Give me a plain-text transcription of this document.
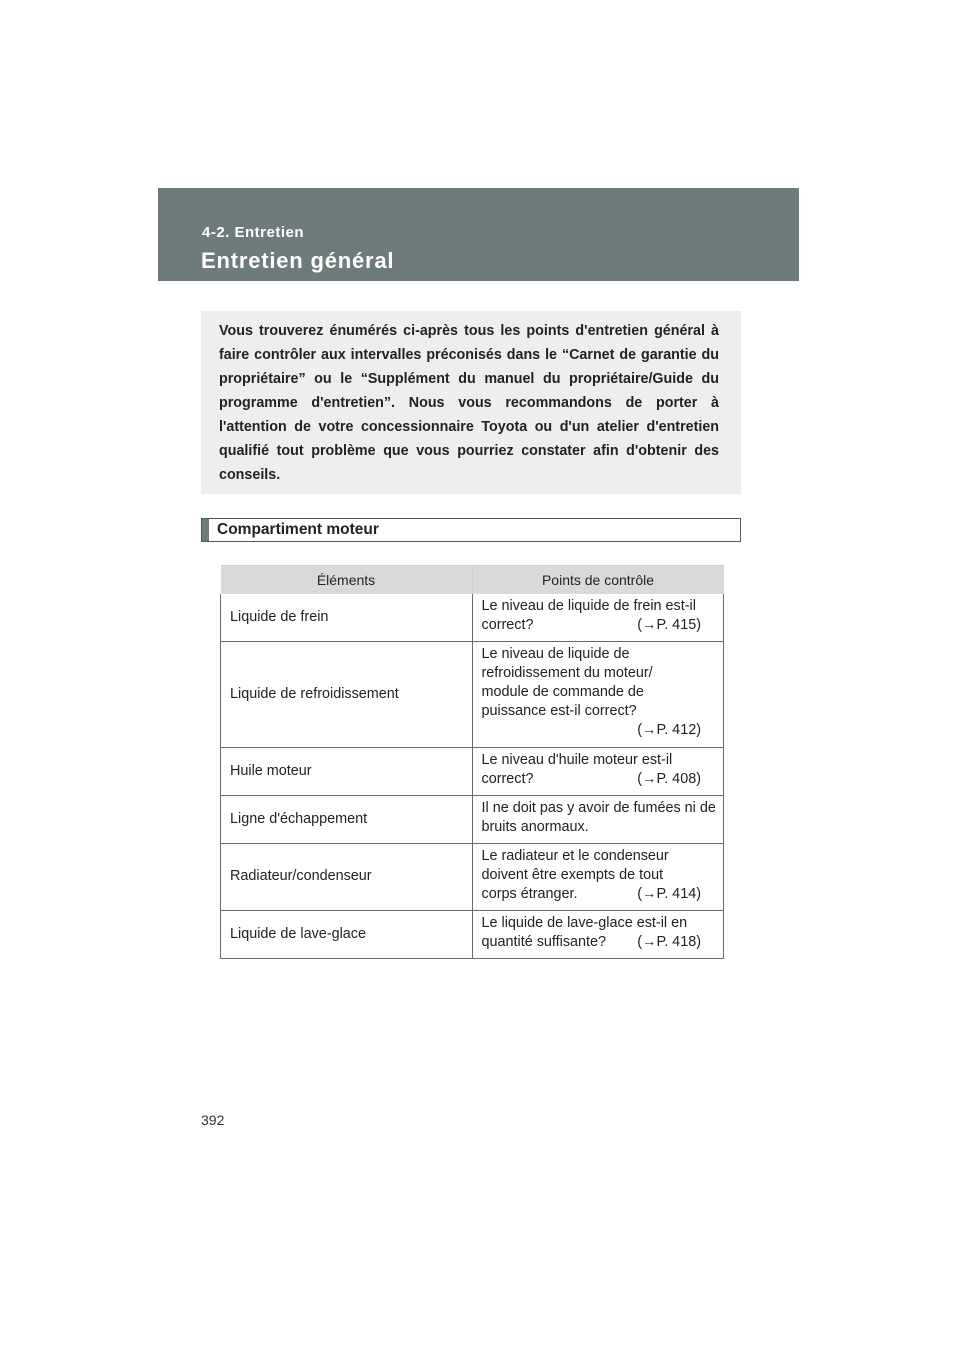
4-2. Entretien
Entretien général

Vous trouverez énumérés ci-après tous les points d'entretien général à faire contrôler aux intervalles préconisés dans le “Carnet de garantie du propriétaire” ou le “Supplément du manuel du propriétaire/Guide du programme d'entretien”. Nous vous recommandons de porter à l'attention de votre concessionnaire Toyota ou d'un atelier d'entretien qualifié tout problème que vous pourriez constater afin d'obtenir des conseils.

Compartiment moteur
Éléments	Points de contrôle
Liquide de frein	Le niveau de liquide de frein est-il
correct? (→P. 415)

Liquide de refroidissement	Le niveau de liquide de refroidissement du moteur/ module de commande de puissance est-il correct?
(→P. 412)

Huile moteur	Le niveau d'huile moteur est-il
correct? (→P. 408)

Ligne d'échappement	Il ne doit pas y avoir de fumées ni de bruits anormaux.
Radiateur/condenseur	Le radiateur et le condenseur doivent être exempts de tout
corps étranger. (→P. 414)

Liquide de lave-glace	Le liquide de lave-glace est-il en
quantité suffisante? (→P. 418)
392
